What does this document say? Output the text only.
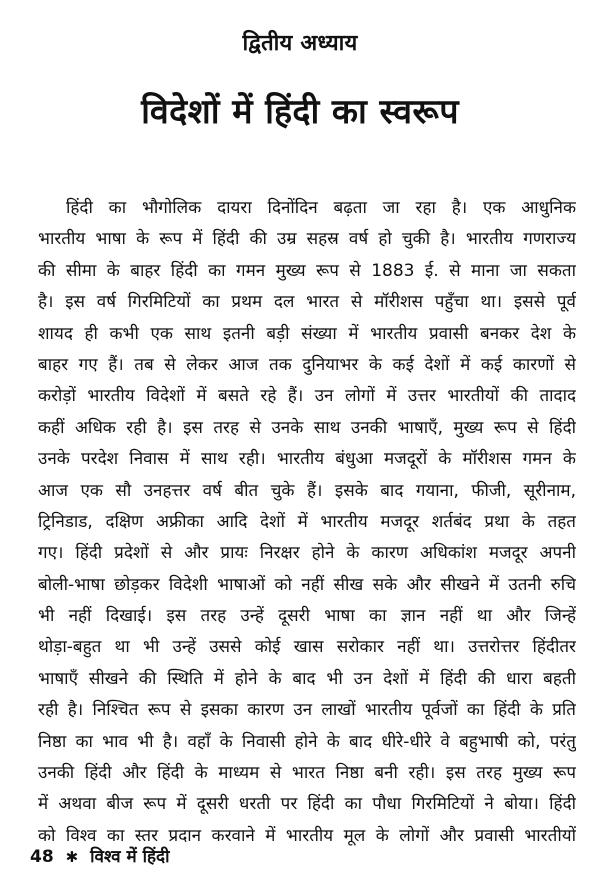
द्वितीय अध्याय
विदेशों में हिंदी का स्वरूप
हिंदी का भौगोलिक दायरा दिनोंदिन बढ़ता जा रहा है। एक आधुनिक
भारतीय भाषा के रूप में हिंदी की उम्र सहस्र वर्ष हो चुकी है। भारतीय गणराज्य
की सीमा के बाहर हिंदी का गमन मुख्य रूप से 1883 ई. से माना जा सकता
है। इस वर्ष गिरमिटियों का प्रथम दल भारत से मॉरीशस पहुँचा था। इससे पूर्व
शायद ही कभी एक साथ इतनी बड़ी संख्या में भारतीय प्रवासी बनकर देश के
बाहर गए हैं। तब से लेकर आज तक दुनियाभर के कई देशों में कई कारणों से
करोड़ों भारतीय विदेशों में बसते रहे हैं। उन लोगों में उत्तर भारतीयों की तादाद
कहीं अधिक रही है। इस तरह से उनके साथ उनकी भाषाएँ, मुख्य रूप से हिंदी
उनके परदेश निवास में साथ रही। भारतीय बंधुआ मजदूरों के मॉरीशस गमन के
आज एक सौ उनहत्तर वर्ष बीत चुके हैं। इसके बाद गयाना, फीजी, सूरीनाम,
ट्रिनिडाड, दक्षिण अफ्रीका आदि देशों में भारतीय मजदूर शर्तबंद प्रथा के तहत
गए। हिंदी प्रदेशों से और प्रायः निरक्षर होने के कारण अधिकांश मजदूर अपनी
बोली-भाषा छोड़कर विदेशी भाषाओं को नहीं सीख सके और सीखने में उतनी रुचि
भी नहीं दिखाई। इस तरह उन्हें दूसरी भाषा का ज्ञान नहीं था और जिन्हें
थोड़ा-बहुत था भी उन्हें उससे कोई खास सरोकार नहीं था। उत्तरोत्तर हिंदीतर
भाषाएँ सीखने की स्थिति में होने के बाद भी उन देशों में हिंदी की धारा बहती
रही है। निश्चित रूप से इसका कारण उन लाखों भारतीय पूर्वजों का हिंदी के प्रति
निष्ठा का भाव भी है। वहाँ के निवासी होने के बाद धीरे-धीरे वे बहुभाषी को, परंतु
उनकी हिंदी और हिंदी के माध्यम से भारत निष्ठा बनी रही। इस तरह मुख्य रूप
में अथवा बीज रूप में दूसरी धरती पर हिंदी का पौधा गिरमिटियों ने बोया। हिंदी
को विश्व का स्तर प्रदान करवाने में भारतीय मूल के लोगों और प्रवासी भारतीयों
48 ✱ विश्व में हिंदी
